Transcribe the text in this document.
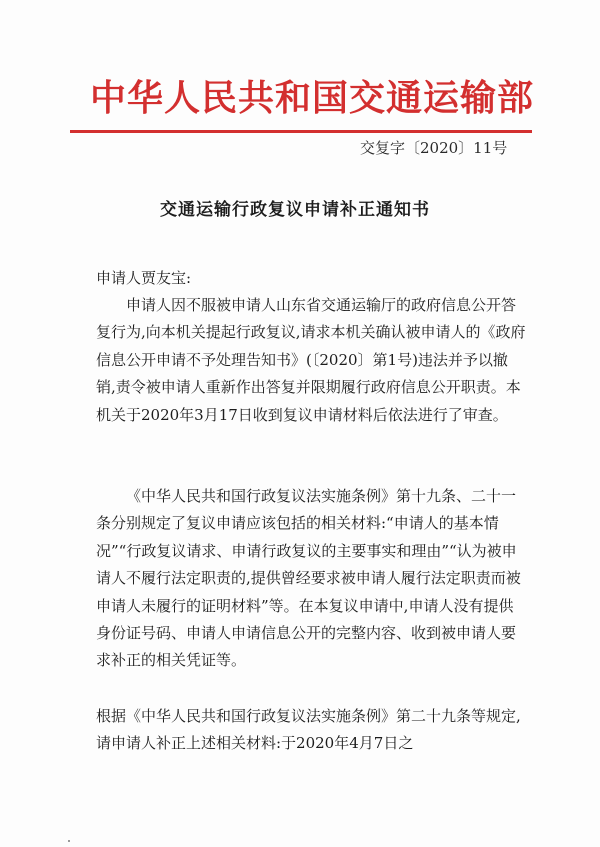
中华人民共和国交通运输部
交复字〔2020〕11号
交通运输行政复议申请补正通知书
申请人贾友宝:

申请人因不服被申请人山东省交通运输厅的政府信息公开答复行为,向本机关提起行政复议,请求本机关确认被申请人的《政府信息公开申请不予处理告知书》(〔2020〕第1号)违法并予以撤销,责令被申请人重新作出答复并限期履行政府信息公开职责。本机关于2020年3月17日收到复议申请材料后依法进行了审查。

《中华人民共和国行政复议法实施条例》第十九条、二十一条分别规定了复议申请应该包括的相关材料:“申请人的基本情况”“行政复议请求、申请行政复议的主要事实和理由”“认为被申请人不履行法定职责的,提供曾经要求被申请人履行法定职责而被申请人未履行的证明材料”等。在本复议申请中,申请人没有提供身份证号码、申请人申请信息公开的完整内容、收到被申请人要求补正的相关凭证等。

根据《中华人民共和国行政复议法实施条例》第二十九条等规定,请申请人补正上述相关材料:于2020年4月7日之
